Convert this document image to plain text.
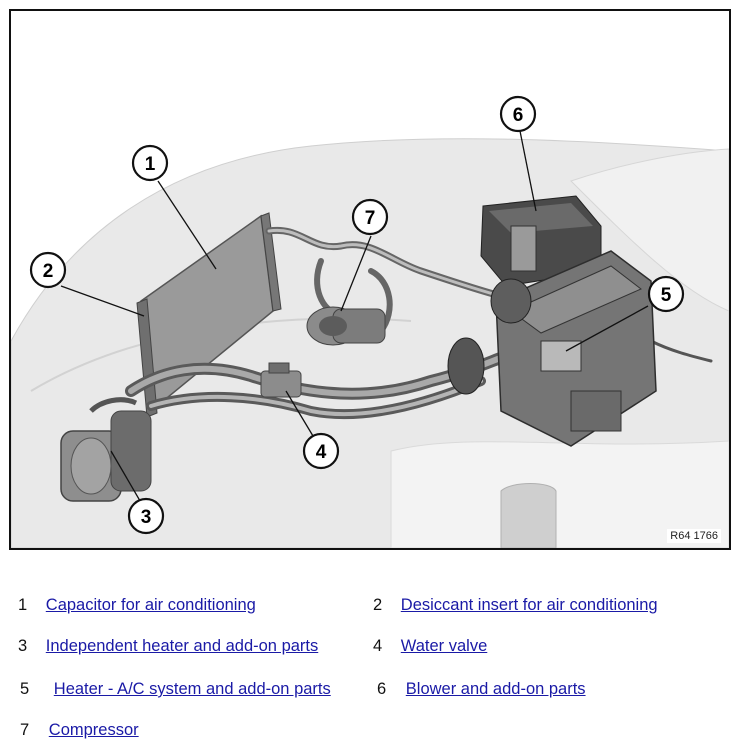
1
2
3
4
5
6
7
R64 1766
1 Capacitor for air conditioning	2 Desiccant insert for air conditioning
3 Independent heater and add-on parts	4 Water valve
5 Heater - A/C system and add-on parts	6 Blower and add-on parts
7 Compressor
